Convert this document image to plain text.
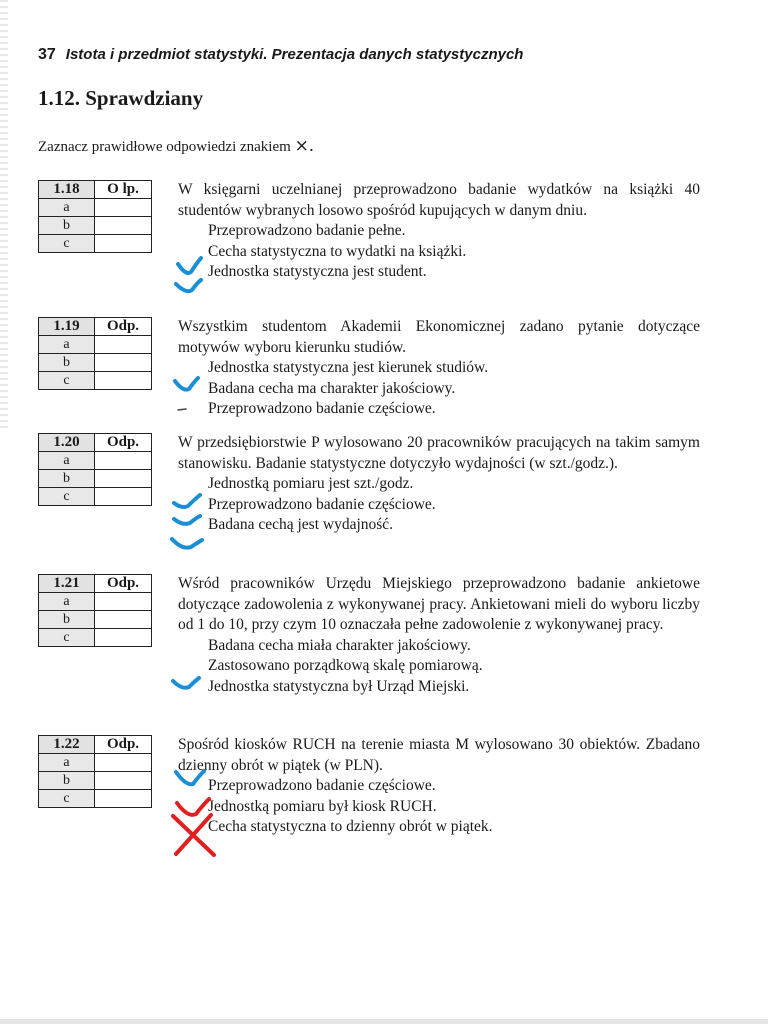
37 Istota i przedmiot statystyki. Prezentacja danych statystycznych
1.12. Sprawdziany
Zaznacz prawidłowe odpowiedzi znakiem ×.
1.18	O lp.
a	
b	
c	

W księgarni uczelnianej przeprowadzono badanie wydatków na książki 40 studentów wybranych losowo spośród kupujących w danym dniu.

Przeprowadzono badanie pełne.
Cecha statystyczna to wydatki na książki.
Jednostka statystyczna jest student.
1.19	Odp.
a	
b	
c	

Wszystkim studentom Akademii Ekonomicznej zadano pytanie dotyczące motywów wyboru kierunku studiów.

Jednostka statystyczna jest kierunek studiów.
Badana cecha ma charakter jakościowy.
Przeprowadzono badanie częściowe.
1.20	Odp.
a	
b	
c	

W przedsiębiorstwie P wylosowano 20 pracowników pracujących na takim samym stanowisku. Badanie statystyczne dotyczyło wydajności (w szt./godz.).

Jednostką pomiaru jest szt./godz.
Przeprowadzono badanie częściowe.
Badana cechą jest wydajność.
1.21	Odp.
a	
b	
c	

Wśród pracowników Urzędu Miejskiego przeprowadzono badanie ankietowe dotyczące zadowolenia z wykonywanej pracy. Ankietowani mieli do wyboru liczby od 1 do 10, przy czym 10 oznaczała pełne zadowolenie z wykonywanej pracy.

Badana cecha miała charakter jakościowy.
Zastosowano porządkową skalę pomiarową.
Jednostka statystyczna był Urząd Miejski.
1.22	Odp.
a	
b	
c	

Spośród kiosków RUCH na terenie miasta M wylosowano 30 obiektów. Zbadano dzienny obrót w piątek (w PLN).

Przeprowadzono badanie częściowe.
Jednostką pomiaru był kiosk RUCH.
Cecha statystyczna to dzienny obrót w piątek.
